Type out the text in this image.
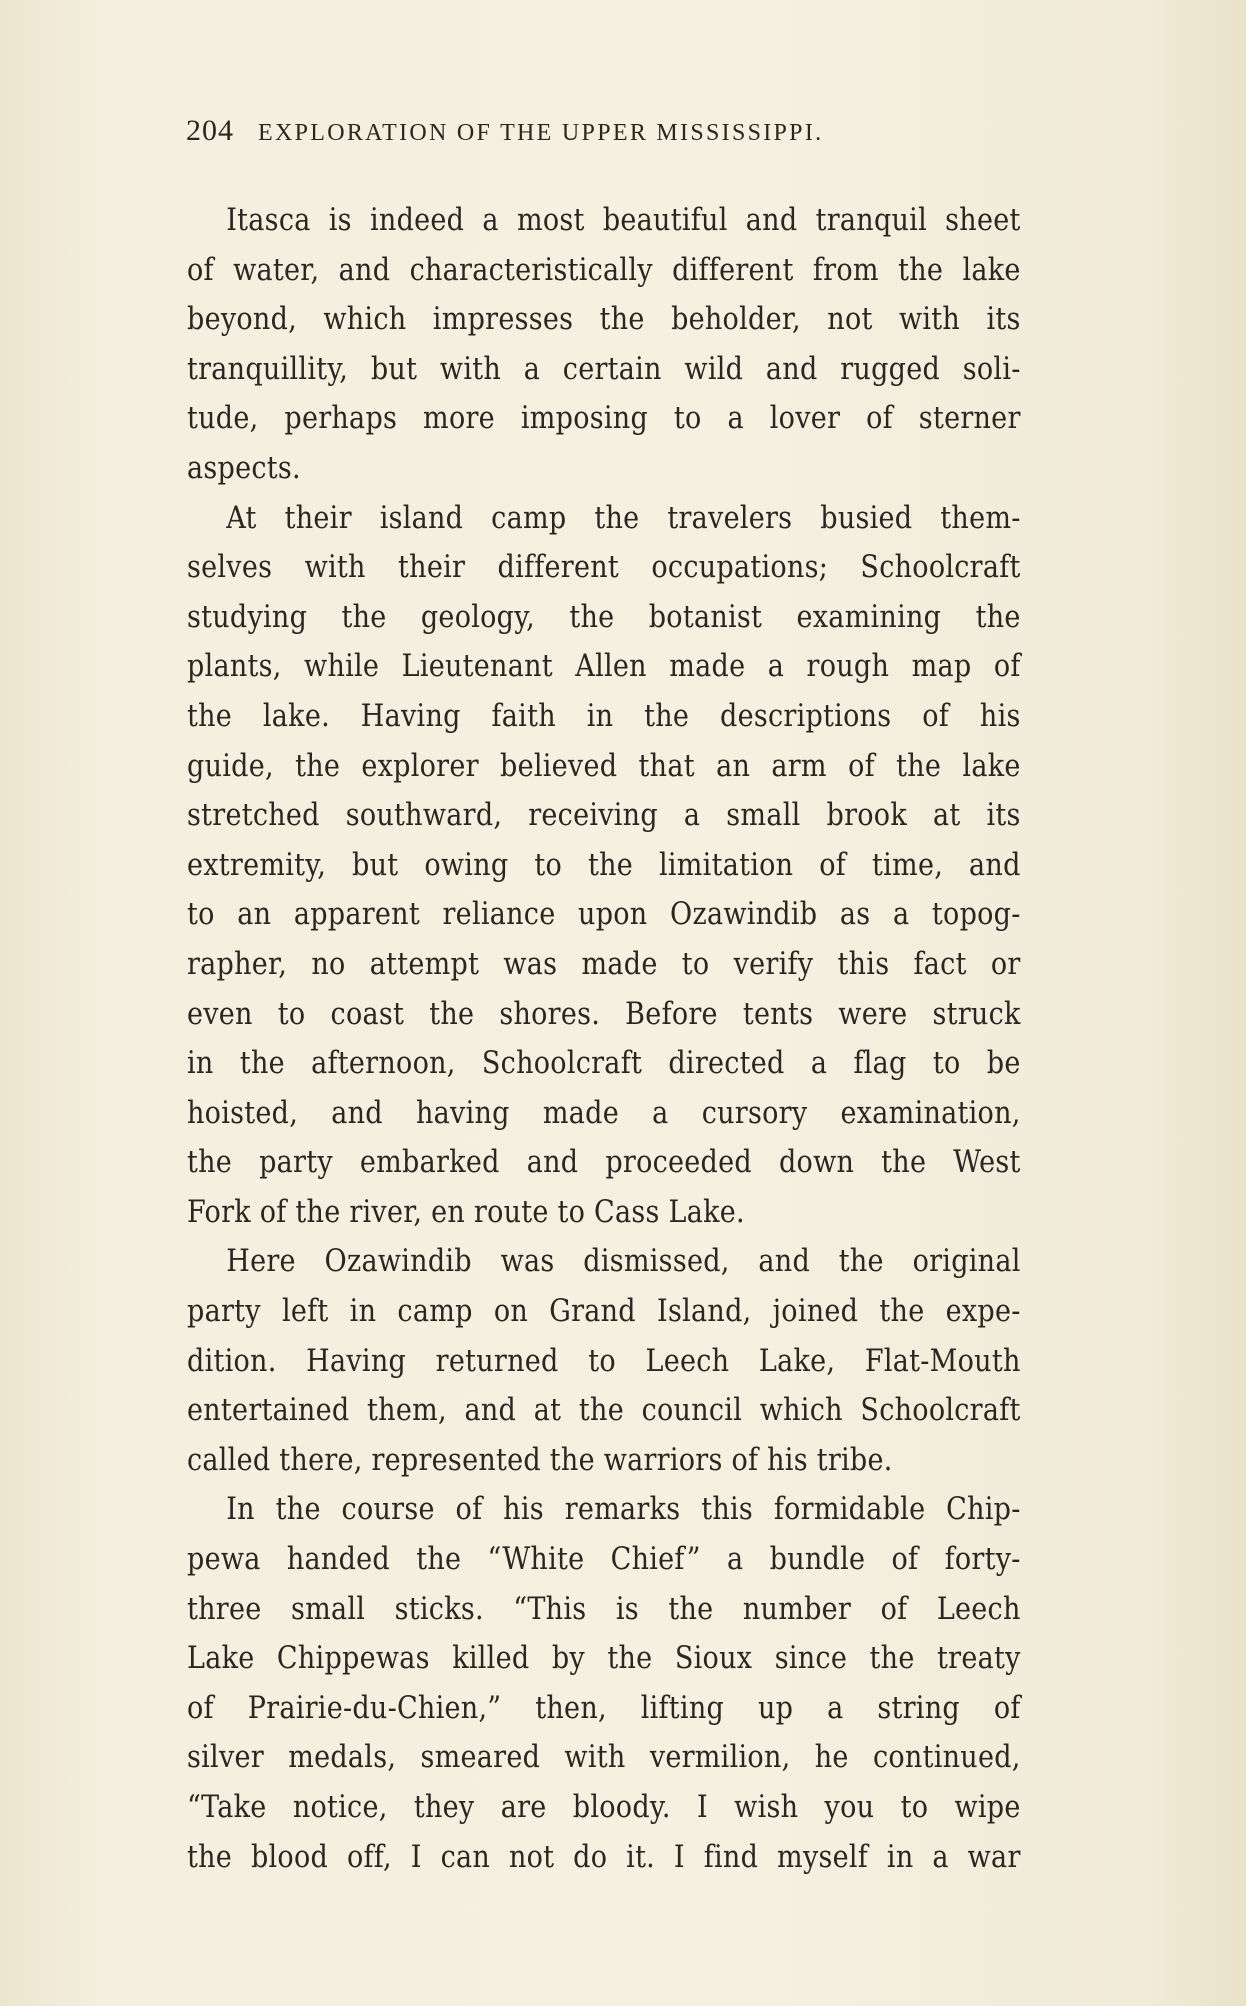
204 EXPLORATION OF THE UPPER MISSISSIPPI.
Itasca is indeed a most beautiful and tranquil sheet
of water, and characteristically different from the lake
beyond, which impresses the beholder, not with its
tranquillity, but with a certain wild and rugged soli-
tude, perhaps more imposing to a lover of sterner
aspects.
At their island camp the travelers busied them-
selves with their different occupations; Schoolcraft
studying the geology, the botanist examining the
plants, while Lieutenant Allen made a rough map of
the lake. Having faith in the descriptions of his
guide, the explorer believed that an arm of the lake
stretched southward, receiving a small brook at its
extremity, but owing to the limitation of time, and
to an apparent reliance upon Ozawindib as a topog-
rapher, no attempt was made to verify this fact or
even to coast the shores. Before tents were struck
in the afternoon, Schoolcraft directed a flag to be
hoisted, and having made a cursory examination,
the party embarked and proceeded down the West
Fork of the river, en route to Cass Lake.
Here Ozawindib was dismissed, and the original
party left in camp on Grand Island, joined the expe-
dition. Having returned to Leech Lake, Flat-Mouth
entertained them, and at the council which Schoolcraft
called there, represented the warriors of his tribe.
In the course of his remarks this formidable Chip-
pewa handed the “White Chief” a bundle of forty-
three small sticks. “This is the number of Leech
Lake Chippewas killed by the Sioux since the treaty
of Prairie-du-Chien,” then, lifting up a string of
silver medals, smeared with vermilion, he continued,
“Take notice, they are bloody. I wish you to wipe
the blood off, I can not do it. I find myself in a war
